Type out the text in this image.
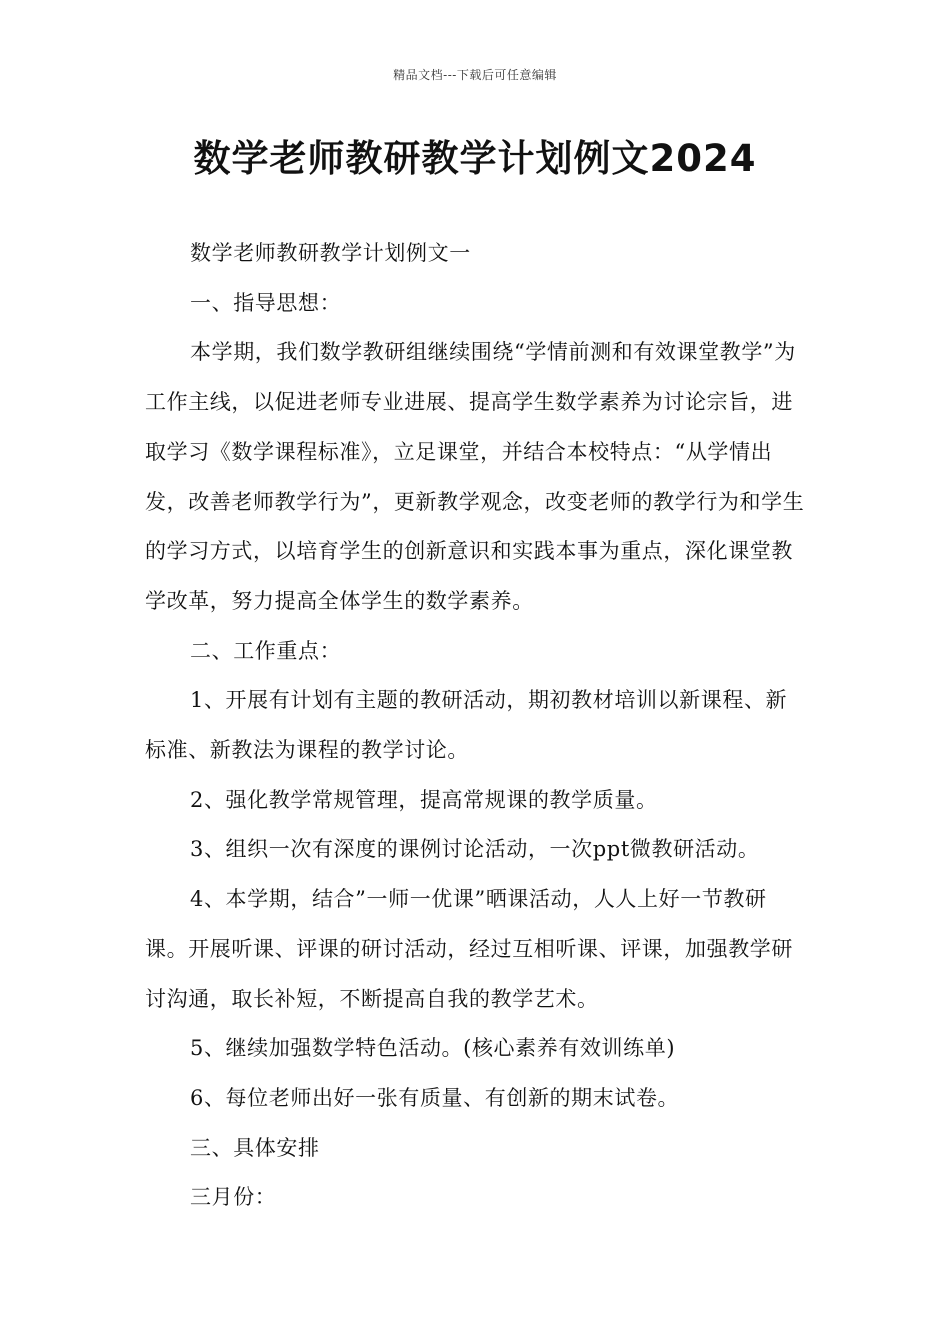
精品文档---下载后可任意编辑
数学老师教研教学计划例文2024

数学老师教研教学计划例文一

一、指导思想：

本学期，我们数学教研组继续围绕“学情前测和有效课堂教学”为工作主线，以促进老师专业进展、提高学生数学素养为讨论宗旨，进取学习《数学课程标准》，立足课堂，并结合本校特点：“从学情出发，改善老师教学行为”，更新教学观念，改变老师的教学行为和学生的学习方式，以培育学生的创新意识和实践本事为重点，深化课堂教学改革，努力提高全体学生的数学素养。

二、工作重点：

1、开展有计划有主题的教研活动，期初教材培训以新课程、新标准、新教法为课程的教学讨论。

2、强化教学常规管理，提高常规课的教学质量。

3、组织一次有深度的课例讨论活动，一次ppt微教研活动。

4、本学期，结合”一师一优课”晒课活动，人人上好一节教研课。开展听课、评课的研讨活动，经过互相听课、评课，加强教学研讨沟通，取长补短，不断提高自我的教学艺术。

5、继续加强数学特色活动。(核心素养有效训练单)

6、每位老师出好一张有质量、有创新的期末试卷。

三、具体安排

三月份：
